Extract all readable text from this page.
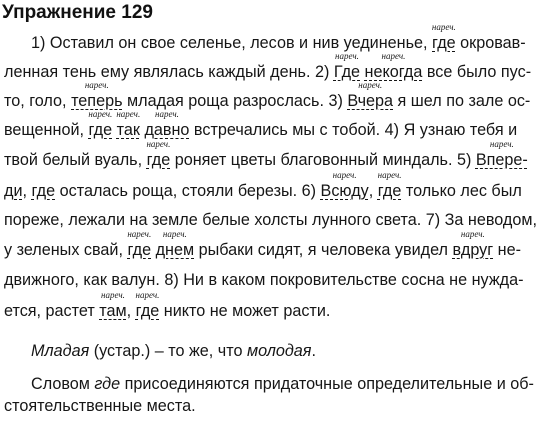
Упражнение 129
1) Оставил он свое селенье, лесов и нив уединенье, где
нареч.
окровав-
ленная тень ему являлась каждый день. 2) Где
нареч.
некогда
нареч.
все было пус-
то, голо, теперь
нареч.
младая роща разрослась. 3) Вчера
нареч.
я шел по зале ос-
вещенной, где
нареч.
так
нареч.
давно
нареч.
встречались мы с тобой. 4) Я узнаю тебя и
твой белый вуаль, где
нареч.
роняет цветы благовонный миндаль. 5) Впере-
нареч.
ди, где осталась роща, стояли березы. 6) Всюду
нареч.
, где
нареч.
только лес был
пореже, лежали на земле белые холсты лунного света. 7) За неводом,
у зеленых свай, где
нареч.
днем
нареч.
рыбаки сидят, я человека увидел вдруг
нареч.
не-
движного, как валун. 8) Ни в каком покровительстве сосна не нужда-
ется, растет там
нареч.
, где
нареч.
никто не может расти.
Младая (устар.) – то же, что молодая.
Словом где присоединяются придаточные определительные и об-
стоятельственные места.
